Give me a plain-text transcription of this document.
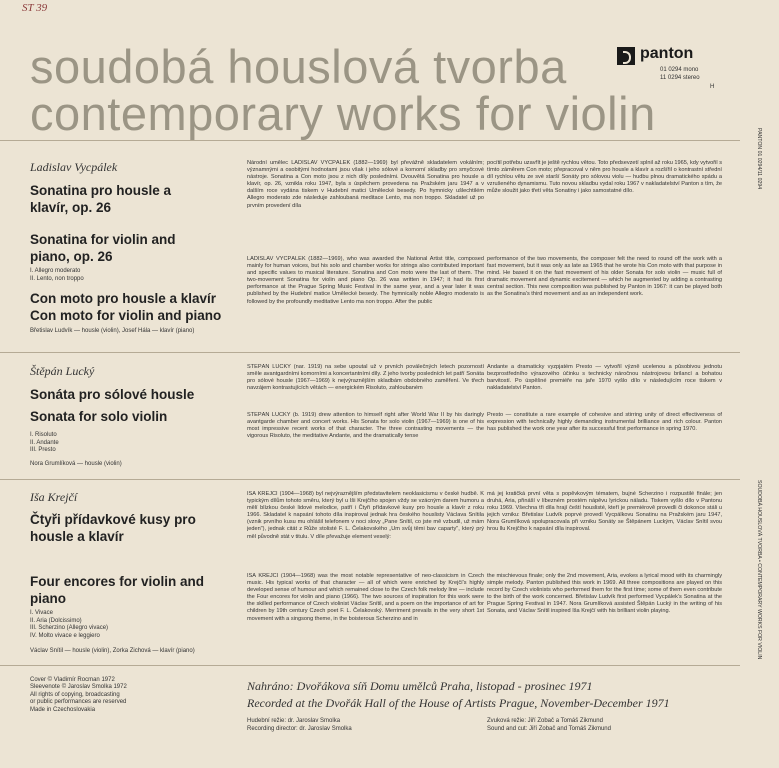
ST 39
soudobá houslová tvorba
contemporary works for violin
panton
01 0294 mono
11 0294 stereo
H
PANTON 01 0294/11 0294
SOUDOBÁ HOUSLOVÁ TVORBA • CONTEMPORARY WORKS FOR VIOLIN
Ladislav Vycpálek
Sonatina pro housle a klavír, op. 26
Sonatina for violin and piano, op. 26
I. Allegro moderato
II. Lento, non troppo
Con moto pro housle a klavír
Con moto for violin and piano
Břetislav Ludvík — housle (violin), Josef Hála — klavír (piano)
Národní umělec LADISLAV VYCPÁLEK (1882—1969) byl převážně skladatelem vokálním; významnými a osobitými hodnotami jsou však i jeho sólové a komorní skladby pro smyčcové nástroje. Sonatina a Con moto jsou z nich díly posledními. Dvouvětá Sonatina pro housle a klavír, op. 26, vznikla roku 1947, byla s úspěchem provedena na Pražském jaru 1947 a v dalším roce vydána tiskem v Hudební matici Umělecké besedy. Po hymnicky ušlechtilém Allegro moderato zde následuje zahloubaná meditace Lento, ma non troppo. Skladatel už po prvním provedení díla
pocítil potřebu uzavřít je ještě rychlou větou. Toto předsevzetí splnil až roku 1965, kdy vytvořil s tímto záměrem Con moto; přepracoval v něm pro housle a klavír a rozšířil o kontrastní střední díl rychlou větu ze své starší Sonáty pro sólovou violu — hudbu plnou dramatického spádu a vzrušeného dynamismu. Tuto novou skladbu vydal roku 1967 v nakladatelství Panton s tím, že může sloužit jako třetí věta Sonatiny i jako samostatné dílo.
LADISLAV VYCPÁLEK (1882—1969), who was awarded the National Artist title, composed mainly for human voices, but his solo and chamber works for strings also contributed important and specific values to musical literature. Sonatina and Con moto were the last of them. The two-movement Sonatina for violin and piano Op. 26 was written in 1947; it had its first performance at the Prague Spring Music Festival in the same year, and a year later it was published by the Hudební matice Umělecké besedy. The hymnically noble Allegro moderato is followed by the profoundly meditative Lento ma non troppo. After the public
performance of the two movements, the composer felt the need to round off the work with a fast movement, but it was only as late as 1965 that he wrote his Con moto with that purpose in mind. He based it on the fast movement of his older Sonata for solo violin — music full of dramatic movement and dynamic excitement — which he augmented by adding a contrasting central section. This new composition was published by Panton in 1967: it can be played both as the Sonatina's third movement and as an independent work.
Štěpán Lucký
Sonáta pro sólové housle
Sonata for solo violin
I. Risoluto
II. Andante
III. Presto
Nora Grumlíková — housle (violin)
ŠTĚPÁN LUCKÝ (nar. 1919) na sebe upoutal už v prvních poválečných letech pozorností směle avantgardními komorními a koncertantními díly. Z jeho tvorby posledních let patří Sonáta pro sólové housle (1967—1969) k nejvýraznějším skladbám obdobného zaměření. Ve třech navzájem kontrastujících větách — energickém Risoluto, zahloubaném
Andante a dramaticky vyzpjatém Presto — vytvořil význě ucelenou a působivou jednotu bezprostředního výrazového účinku s technicky náročnou nástrojovou brilancí a bohatou barvitostí. Po úspěšné premiéře na jaře 1970 vyšlo dílo v následujícím roce tiskem v nakladatelství Panton.
ŠTĚPÁN LUCKÝ (b. 1919) drew attention to himself right after World War II by his daringly avantgarde chamber and concert works. His Sonata for solo violin (1967—1969) is one of his most impressive recent works of that character. The three contrasting movements — the vigorous Risoluto, the meditative Andante, and the dramatically tense
Presto — constitute a rare example of cohesive and stirring unity of direct effectiveness of expression with technically highly demanding instrumental brilliance and rich colour. Panton has published the work one year after its successful first performance in spring 1970.
Iša Krejčí
Čtyři přídavkové kusy pro housle a klavír
Four encores for violin and piano
I. Vivace
II. Aria (Dolcissimo)
III. Scherzino (Allegro vivace)
IV. Molto vivace e leggiero
Václav Snítil — housle (violin), Zorka Zichová — klavír (piano)
IŠA KREJČÍ (1904—1968) byl nejvýraznějším představitelem neoklasicismu v české hudbě. K typickým dílům tohoto směru, který byl u Iši Krejčího spojen vždy se vzácným darem humoru a mělí blízkou české lidové melodice, patří i Čtyři přídavkové kusy pro housle a klavír z roku 1966. Skladatel k napsání tohoto díla inspiroval jednak hra českého houslisty Václava Snítila (vznik prvního kusu mu ohlášil telefonem v noci slovy „Pane Snítil, co jste mě vzbudil, už mám jeden"), jednak citát z Růže stolisté F. L. Čelakovského „Um svůj těmi bav caparty", který prý měl původně stát v titulu. V díle převažuje element veselý:
má jej kratičká první věta s popěvkovým tématem, bujné Scherzino i rozpustilé finále; jen druhá, Aria, přináší v líbezném prostém nápěvu lyrickou náladu. Tiskem vyšlo dílo v Pantonu roku 1969. Všechna tři díla hrají čeští houslisté, kteří je premiérově provedli či dokonce stáli u jejich vzniku: Břetislav Ludvík poprvé provedl Vycpálkovu Sonatinu na Pražském jaru 1947, Nora Grumlíková spolupracovala při vzniku Sonáty se Štěpánem Luckým, Václav Snítil svou hrou llu Krejčího k napsání díla inspiroval.
IŠA KREJČÍ (1904—1968) was the most notable representative of neo-classicism in Czech music. His typical works of that character — all of which were enriched by Krejčí's highly developed sense of humour and which remained close to the Czech folk melody line — include the Four encores for violin and piano (1966). The two sources of inspiration for this work were the skilled performance of Czech violinist Václav Snítil, and a poem on the importance of art for children by 19th century Czech poet F. L. Čelakovský. Merriment prevails in the very short 1st movement with a singsong theme, in the boisterous Scherzino and in
the mischievous finale; only the 2nd movement, Aria, evokes a lyrical mood with its charmingly simple melody. Panton published this work in 1969. All three compositions are played on this record by Czech violinists who performed them for the first time; some of them even contribute to the birth of the work concerned. Břetislav Ludvík first performed Vycpálek's Sonatina at the Prague Spring Festival in 1947. Nora Grumlíková assisted Štěpán Lucký in the writing of his Sonata, and Václav Snítil inspired Iša Krejčí with his brilliant violin playing.
Cover © Vladimír Rocman 1972
Sleevenote © Jaroslav Smolka 1972
All rights of copying, broadcasting
or public performances are reserved
Made in Czechoslovakia
Nahráno: Dvořákova síň Domu umělců Praha, listopad - prosinec 1971
Recorded at the Dvořák Hall of the House of Artists Prague, November-December 1971
Hudební režie: dr. Jaroslav Smolka
Recording director: dr. Jaroslav Smolka
Zvuková režie: Jiří Zobač a Tomáš Zikmund
Sound and cut: Jiří Zobač and Tomáš Zikmund
